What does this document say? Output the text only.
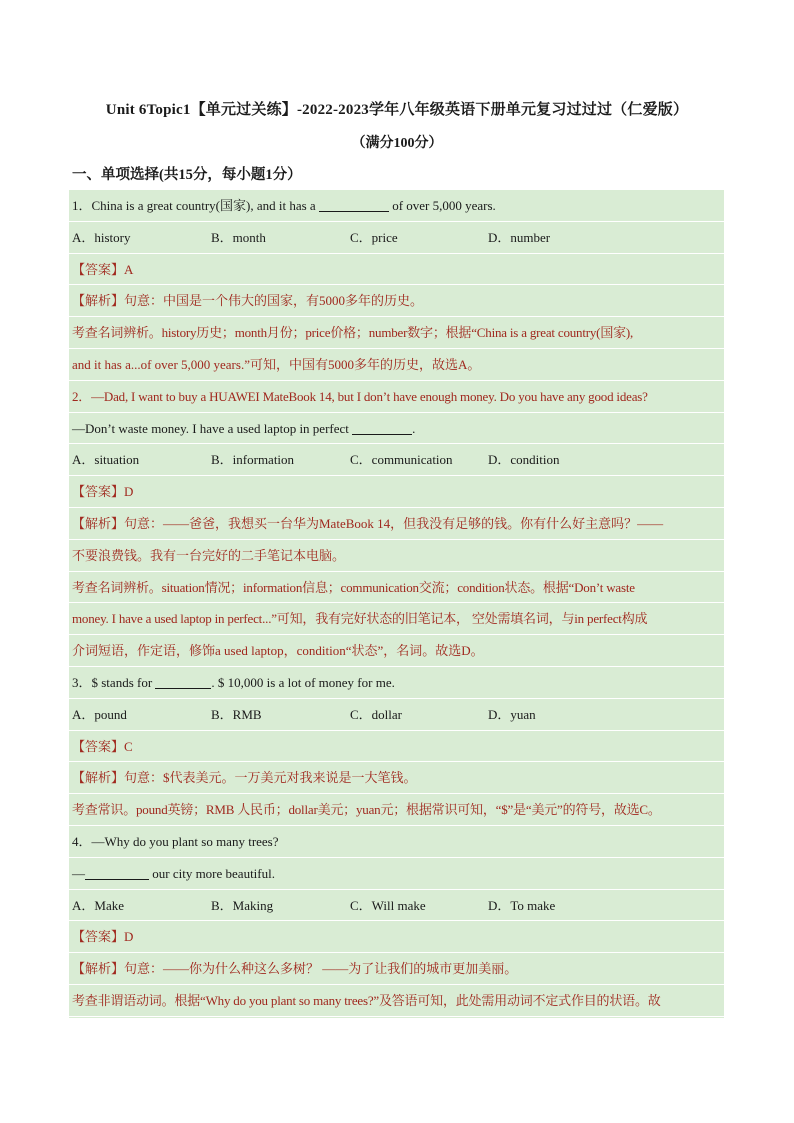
Unit 6Topic1【单元过关练】-2022-2023学年八年级英语下册单元复习过过过（仁爱版）
（满分100分）
一、单项选择(共15分，每小题1分）
1．China is a great country(国家), and it has a	of over 5,000 years.
A．history	B．month	C．price	D．number
【答案】A
【解析】句意：中国是一个伟大的国家，有5000多年的历史。
考查名词辨析。history历史；month月份；price价格；number数字；根据“China is a great country(国家),
and it has a...of over 5,000 years.”可知，中国有5000多年的历史，故选A。
2．—Dad, I want to buy a HUAWEI MateBook 14, but I don’t have enough money. Do you have any good ideas?
—Don’t waste money. I have a used laptop in perfect	.
A．situation	B．information	C．communication	D．condition
【答案】D
【解析】句意：——爸爸，我想买一台华为MateBook 14，但我没有足够的钱。你有什么好主意吗？——
不要浪费钱。我有一台完好的二手笔记本电脑。
考查名词辨析。situation情况；information信息；communication交流；condition状态。根据“Don’t waste
money. I have a used laptop in perfect...”可知，我有完好状态的旧笔记本， 空处需填名词，与in perfect构成
介词短语，作定语，修饰a used laptop，condition“状态”，名词。故选D。
3．$ stands for	. $ 10,000 is a lot of money for me.
A．pound	B．RMB	C．dollar	D．yuan
【答案】C
【解析】句意：$代表美元。一万美元对我来说是一大笔钱。
考查常识。pound英镑；RMB 人民币；dollar美元；yuan元；根据常识可知，“$”是“美元”的符号，故选C。
4．—Why do you plant so many trees?
—	our city more beautiful.
A．Make	B．Making	C．Will make	D．To make
【答案】D
【解析】句意：——你为什么种这么多树？ ——为了让我们的城市更加美丽。
考查非谓语动词。根据“Why do you plant so many trees?”及答语可知，此处需用动词不定式作目的状语。故
